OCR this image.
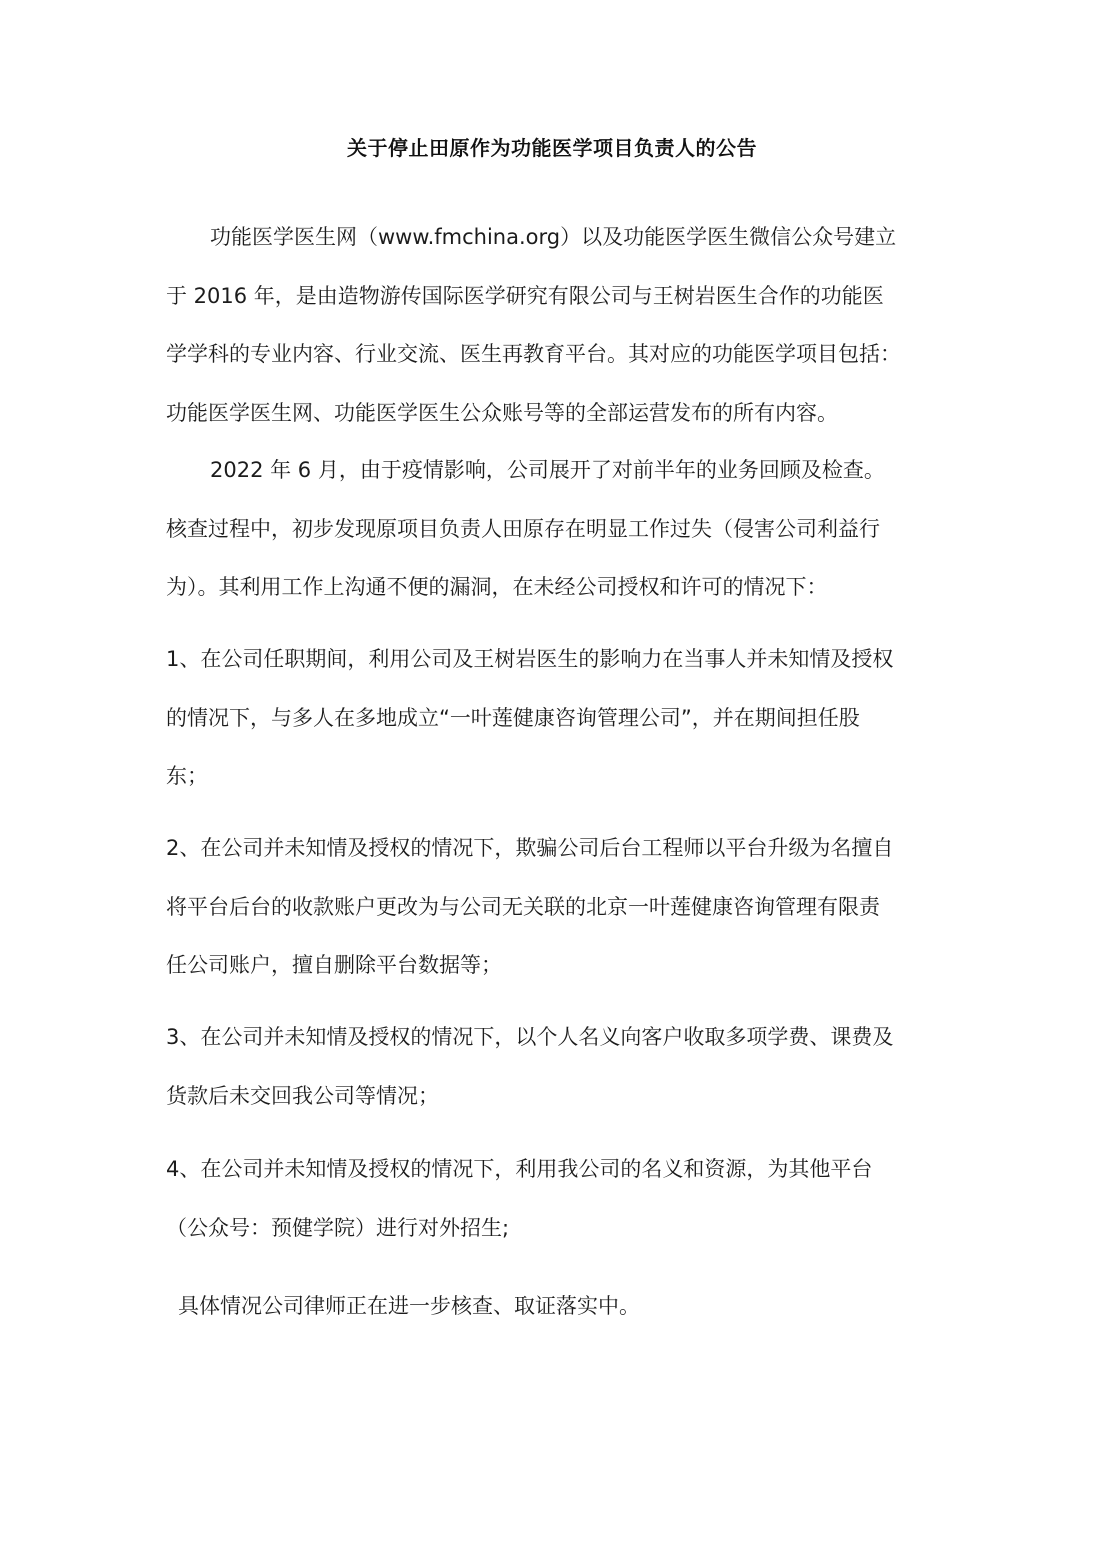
关于停止田原作为功能医学项目负责人的公告
功能医学医生网（www.fmchina.org）以及功能医学医生微信公众号建立
于 2016 年，是由造物游传国际医学研究有限公司与王树岩医生合作的功能医
学学科的专业内容、行业交流、医生再教育平台。其对应的功能医学项目包括：
功能医学医生网、功能医学医生公众账号等的全部运营发布的所有内容。
2022 年 6 月，由于疫情影响，公司展开了对前半年的业务回顾及检查。
核查过程中，初步发现原项目负责人田原存在明显工作过失（侵害公司利益行
为）。其利用工作上沟通不便的漏洞，在未经公司授权和许可的情况下：
1、在公司任职期间，利用公司及王树岩医生的影响力在当事人并未知情及授权
的情况下，与多人在多地成立“一叶莲健康咨询管理公司”，并在期间担任股
东；
2、在公司并未知情及授权的情况下，欺骗公司后台工程师以平台升级为名擅自
将平台后台的收款账户更改为与公司无关联的北京一叶莲健康咨询管理有限责
任公司账户，擅自删除平台数据等；
3、在公司并未知情及授权的情况下，以个人名义向客户收取多项学费、课费及
货款后未交回我公司等情况；
4、在公司并未知情及授权的情况下，利用我公司的名义和资源，为其他平台
（公众号：预健学院）进行对外招生;
具体情况公司律师正在进一步核查、取证落实中。
